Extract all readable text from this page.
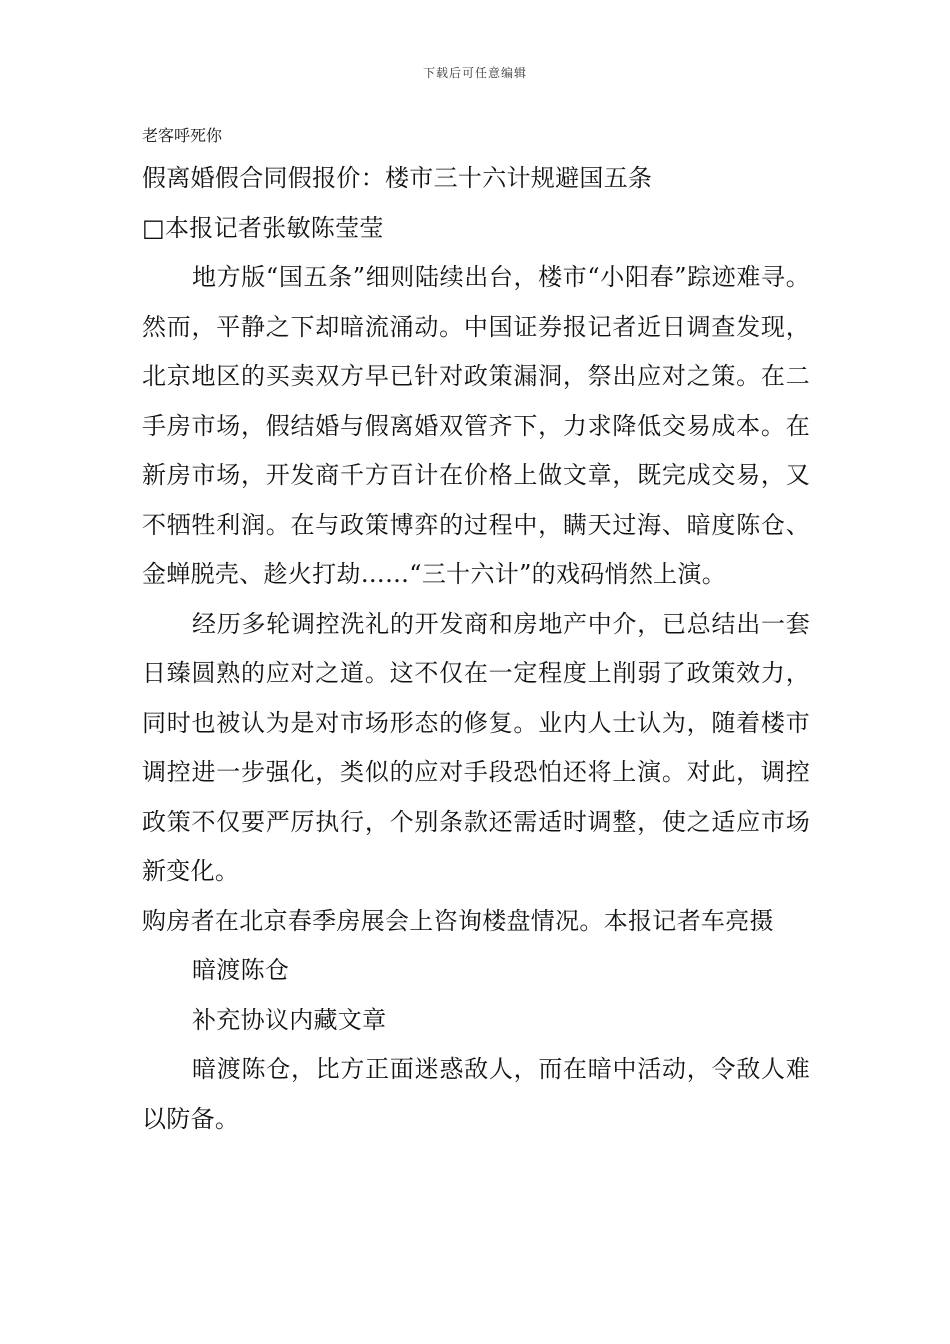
下载后可任意编辑

老客呼死你

假离婚假合同假报价：楼市三十六计规避国五条

□本报记者张敏陈莹莹

地方版“国五条”细则陆续出台，楼市“小阳春”踪迹难寻。然而，平静之下却暗流涌动。中国证券报记者近日调查发现，北京地区的买卖双方早已针对政策漏洞，祭出应对之策。在二手房市场，假结婚与假离婚双管齐下，力求降低交易成本。在新房市场，开发商千方百计在价格上做文章，既完成交易，又不牺牲利润。在与政策博弈的过程中，瞒天过海、暗度陈仓、金蝉脱壳、趁火打劫……“三十六计”的戏码悄然上演。

经历多轮调控洗礼的开发商和房地产中介，已总结出一套日臻圆熟的应对之道。这不仅在一定程度上削弱了政策效力，同时也被认为是对市场形态的修复。业内人士认为，随着楼市调控进一步强化，类似的应对手段恐怕还将上演。对此，调控政策不仅要严厉执行，个别条款还需适时调整，使之适应市场新变化。

购房者在北京春季房展会上咨询楼盘情况。本报记者车亮摄

暗渡陈仓

补充协议内藏文章

暗渡陈仓，比方正面迷惑敌人，而在暗中活动，令敌人难以防备。
